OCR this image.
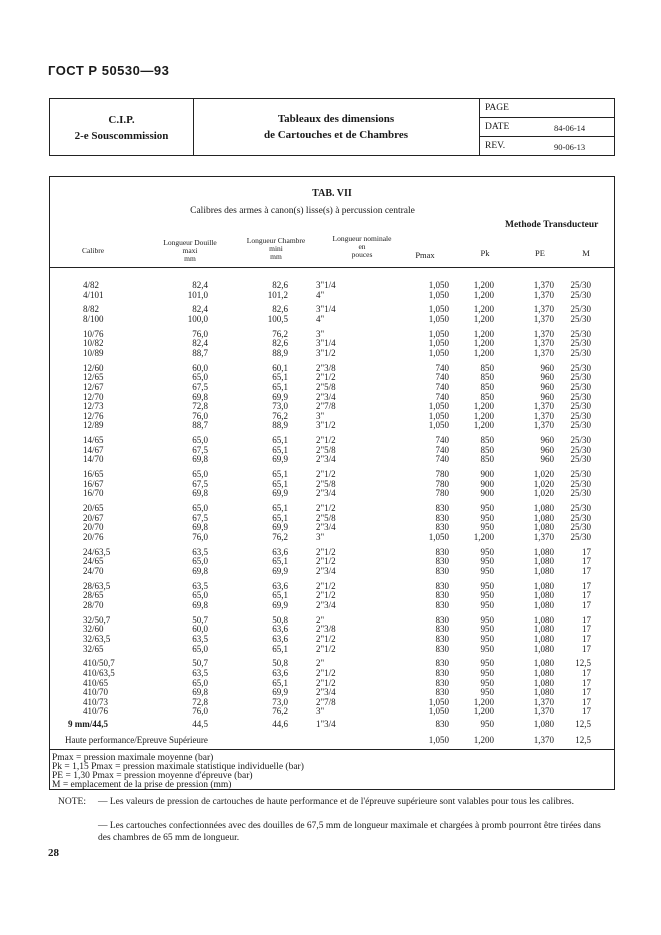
ГОСТ Р 50530—93
C.I.P.
2-e Souscommission
Tableaux des dimensions
de Cartouches et de Chambres
PAGE
DATE	84-06-14
REV.	90-06-13
TAB. VII
Calibres des armes à canon(s) lisse(s) à percussion centrale
Methode Transducteur
Calibre
Longueur Douille
maxi
mm
Longueur Chambre
mini
mm
Longueur nominale
en
pouces	Pmax	Pk	PE	M
4/82	82,4	82,6	3"1/4	1,050	1,200	1,370 25/30
4/101	101,0	101,2	4"	1,050	1,200	1,370 25/30
8/82	82,4	82,6	3"1/4	1,050	1,200	1,370 25/30
8/100	100,0	100,5	4"	1,050	1,200	1,370 25/30
10/76	76,0	76,2	3"	1,050	1,200	1,370 25/30
10/82	82,4	82,6	3"1/4	1,050	1,200	1,370 25/30
10/89	88,7	88,9	3"1/2	1,050	1,200	1,370 25/30
12/60	60,0	60,1	2"3/8	740	850	960 25/30
12/65	65,0	65,1	2"1/2	740	850	960 25/30
12/67	67,5	65,1	2"5/8	740	850	960 25/30
12/70	69,8	69,9	2"3/4	740	850	960 25/30
12/73	72,8	73,0	2"7/8	1,050	1,200	1,370 25/30
12/76	76,0	76,2	3"	1,050	1,200	1,370 25/30
12/89	88,7	88,9	3"1/2	1,050	1,200	1,370 25/30
14/65	65,0	65,1	2"1/2	740	850	960 25/30
14/67	67,5	65,1	2"5/8	740	850	960 25/30
14/70	69,8	69,9	2"3/4	740	850	960 25/30
16/65	65,0	65,1	2"1/2	780	900	1,020 25/30
16/67	67,5	65,1	2"5/8	780	900	1,020 25/30
16/70	69,8	69,9	2"3/4	780	900	1,020 25/30
20/65	65,0	65,1	2"1/2	830	950	1,080 25/30
20/67	67,5	65,1	2"5/8	830	950	1,080 25/30
20/70	69,8	69,9	2"3/4	830	950	1,080 25/30
20/76	76,0	76,2	3"	1,050	1,200	1,370 25/30
24/63,5	63,5	63,6	2"1/2	830	950	1,080	17
24/65	65,0	65,1	2"1/2	830	950	1,080	17
24/70	69,8	69,9	2"3/4	830	950	1,080	17
28/63,5	63,5	63,6	2"1/2	830	950	1,080	17
28/65	65,0	65,1	2"1/2	830	950	1,080	17
28/70	69,8	69,9	2"3/4	830	950	1,080	17
32/50,7	50,7	50,8	2"	830	950	1,080	17
32/60	60,0	63,6	2"3/8	830	950	1,080	17
32/63,5	63,5	63,6	2"1/2	830	950	1,080	17
32/65	65,0	65,1	2"1/2	830	950	1,080	17
410/50,7	50,7	50,8	2"	830	950	1,080 12,5
410/63,5	63,5	63,6	2"1/2	830	950	1,080	17
410/65	65,0	65,1	2"1/2	830	950	1,080	17
410/70	69,8	69,9	2"3/4	830	950	1,080	17
410/73	72,8	73,0	2"7/8	1,050	1,200	1,370	17
410/76	76,0	76,2	3"	1,050	1,200	1,370	17
9 mm/44,5	44,5	44,6	1"3/4	830	950	1,080 12,5
Haute performance/Epreuve Supérieure	1,050	1,200	1,370 12,5
Pmax = pression maximale moyenne (bar)
Pk = 1,15 Pmax = pression maximale statistique individuelle (bar)
PE = 1,30 Pmax = pression moyenne d'épreuve (bar)
M = emplacement de la prise de pression (mm)
NOTE: — Les valeurs de pression de cartouches de haute performance et de l'épreuve supérieure sont valables pour tous les calibres.
— Les cartouches confectionnées avec des douilles de 67,5 mm de longueur maximale et chargées à promb pourront être tirées dans des chambres de 65 mm de longueur.
28
